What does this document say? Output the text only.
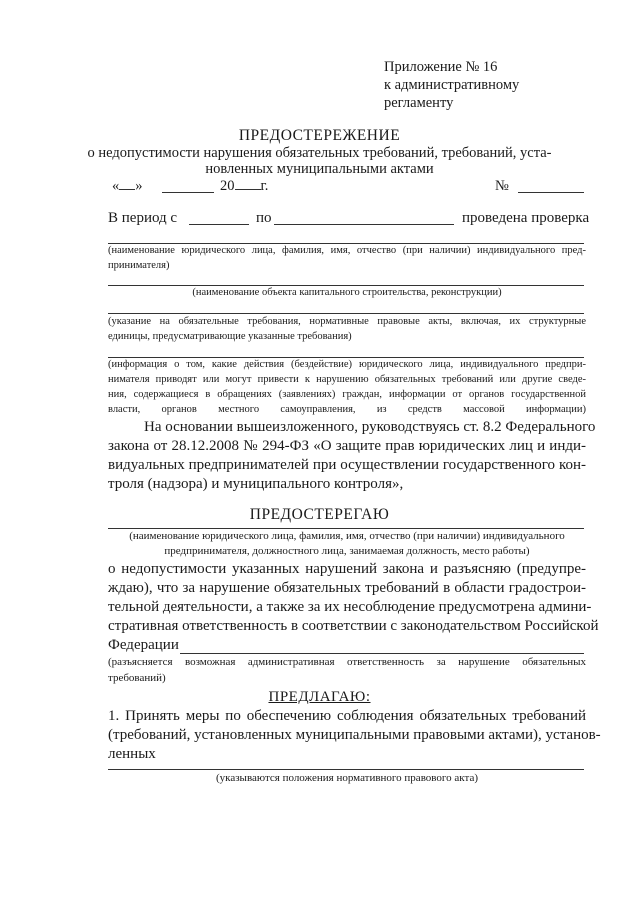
Приложение № 16
к административному
регламенту
ПРЕДОСТЕРЕЖЕНИЕ
о недопустимости нарушения обязательных требований, требований, уста-
новленных муниципальными актами
« »	20 г.	№
В период с	по	проведена проверка
(наименование юридического лица, фамилия, имя, отчество (при наличии) индивидуального пред-
принимателя)
(наименование объекта капитального строительства, реконструкции)
(указание на обязательные требования, нормативные правовые акты, включая, их структурные
единицы, предусматривающие указанные требования)
(информация о том, какие действия (бездействие) юридического лица, индивидуального предпри-
нимателя приводят или могут привести к нарушению обязательных требований или другие сведе-
ния, содержащиеся в обращениях (заявлениях) граждан, информации от органов государственной
власти, органов местного самоуправления, из средств массовой информации)
На основании вышеизложенного, руководствуясь ст. 8.2 Федерального
закона от 28.12.2008 № 294-ФЗ «О защите прав юридических лиц и инди-
видуальных предпринимателей при осуществлении государственного кон-
троля (надзора) и муниципального контроля»,
ПРЕДОСТЕРЕГАЮ
(наименование юридического лица, фамилия, имя, отчество (при наличии) индивидуального
предпринимателя, должностного лица, занимаемая должность, место работы)
о недопустимости указанных нарушений закона и разъясняю (предупре-
ждаю), что за нарушение обязательных требований в области градострои-
тельной деятельности, а также за их несоблюдение предусмотрена админи-
стративная ответственность в соответствии с законодательством Российской
Федерации
(разъясняется возможная административная ответственность за нарушение обязательных
требований)
ПРЕДЛАГАЮ:
1. Принять меры по обеспечению соблюдения обязательных требований
(требований, установленных муниципальными правовыми актами), установ-
ленных
(указываются положения нормативного правового акта)
